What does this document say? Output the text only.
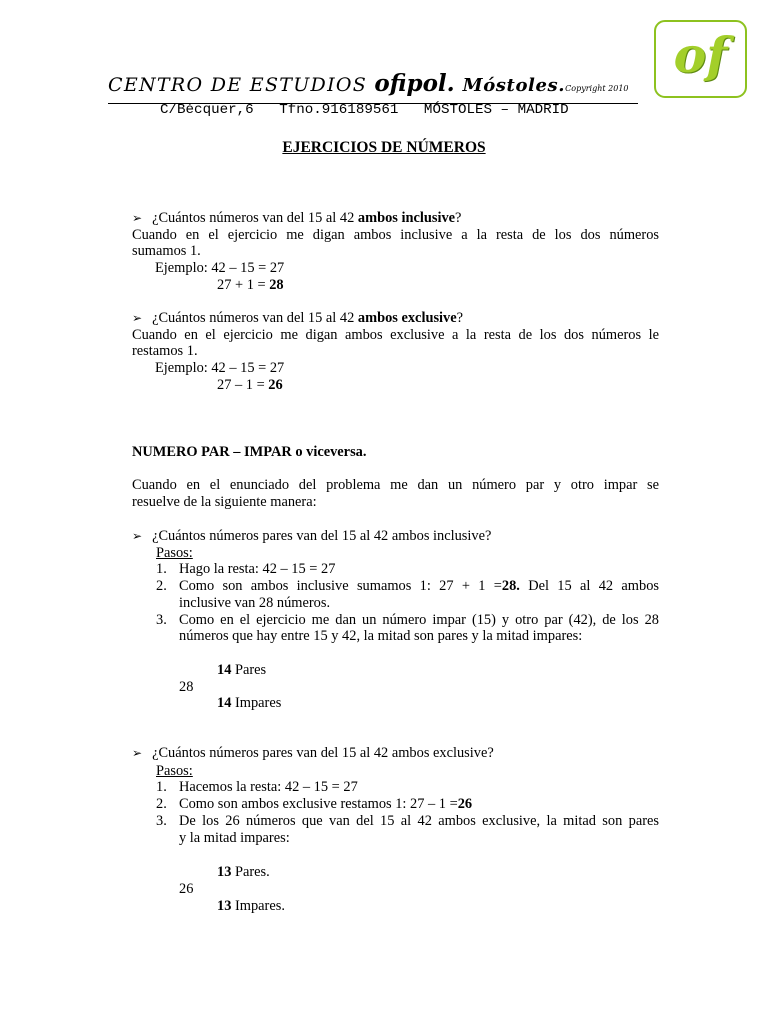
CENTRO DE ESTUDIOS ofipol. Móstoles.Copyright 2010
C/Bécquer,6   Tfno.916189561   MÓSTOLES – MADRID
of
EJERCICIOS DE NÚMEROS
➢ ¿Cuántos números van del 15 al 42 ambos inclusive?
Cuando en el ejercicio me digan ambos inclusive a la resta de los dos números
sumamos 1.
Ejemplo: 42 – 15 = 27
27 + 1 = 28
➢ ¿Cuántos números van del 15 al 42 ambos exclusive?
Cuando en el ejercicio me digan ambos exclusive a la resta de los dos números le
restamos 1.
Ejemplo: 42 – 15 = 27
27 – 1 = 26
NUMERO PAR – IMPAR o viceversa.
Cuando en el enunciado del problema me dan un número par y otro impar se
resuelve de la siguiente manera:
➢ ¿Cuántos números pares van del 15 al 42 ambos inclusive?
Pasos:
1. Hago la resta: 42 – 15 = 27
2. Como son ambos inclusive sumamos 1: 27 + 1 =28. Del 15 al 42 ambos
inclusive van 28 números.
3. Como en el ejercicio me dan un número impar (15) y otro par (42), de los 28
números que hay entre 15 y 42, la mitad son pares y la mitad impares:
14 Pares
28
14 Impares
➢ ¿Cuántos números pares van del 15 al 42 ambos exclusive?
Pasos:
1. Hacemos la resta: 42 – 15 = 27
2. Como son ambos exclusive restamos 1: 27 – 1 =26
3. De los 26 números que van del 15 al 42 ambos exclusive, la mitad son pares
y la mitad impares:
13 Pares.
26
13 Impares.
